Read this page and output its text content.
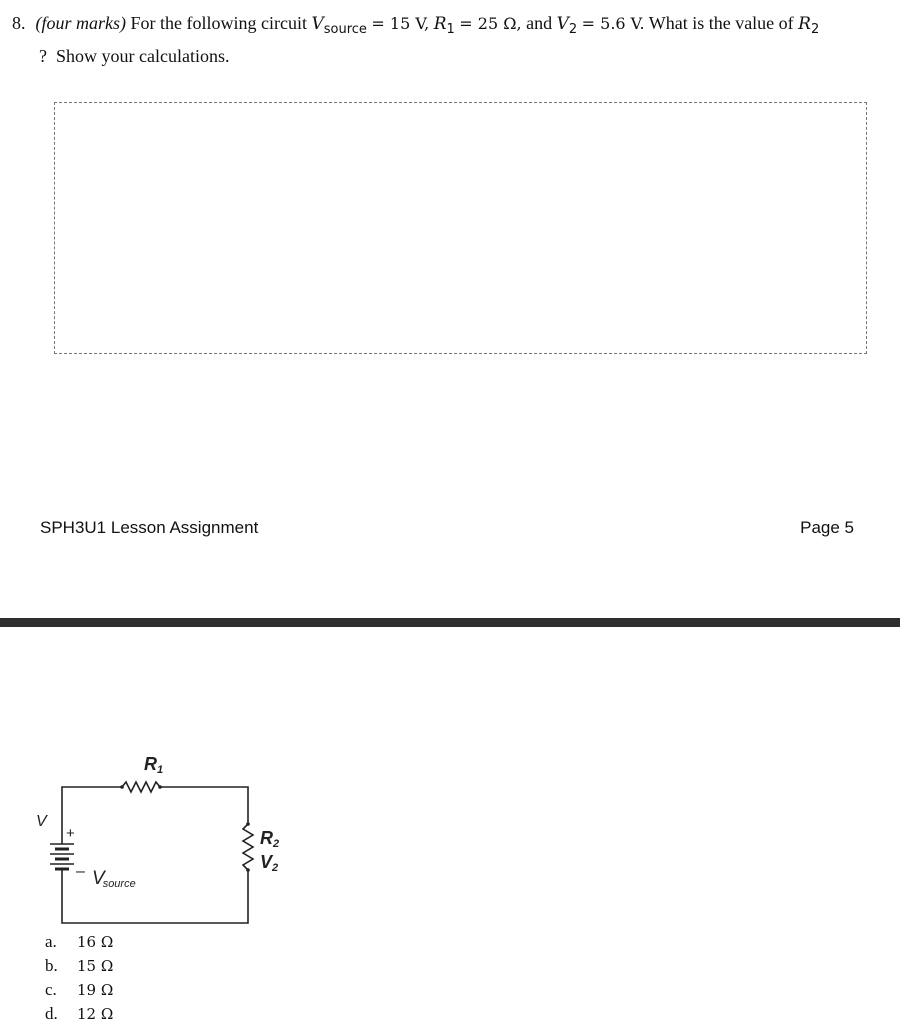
8. (four marks) For the following circuit $V_{source} = 15$ V, $R_1 = 25$ Ω, and $V_2 = 5.6$ V. What is the value of $R_2$
? Show your calculations.
SPH3U1 Lesson Assignment	Page 5
V
+
– Vsource
R1
R2
V2
a. 16 Ω
b. 15 Ω
c. 19 Ω
d. 12 Ω
